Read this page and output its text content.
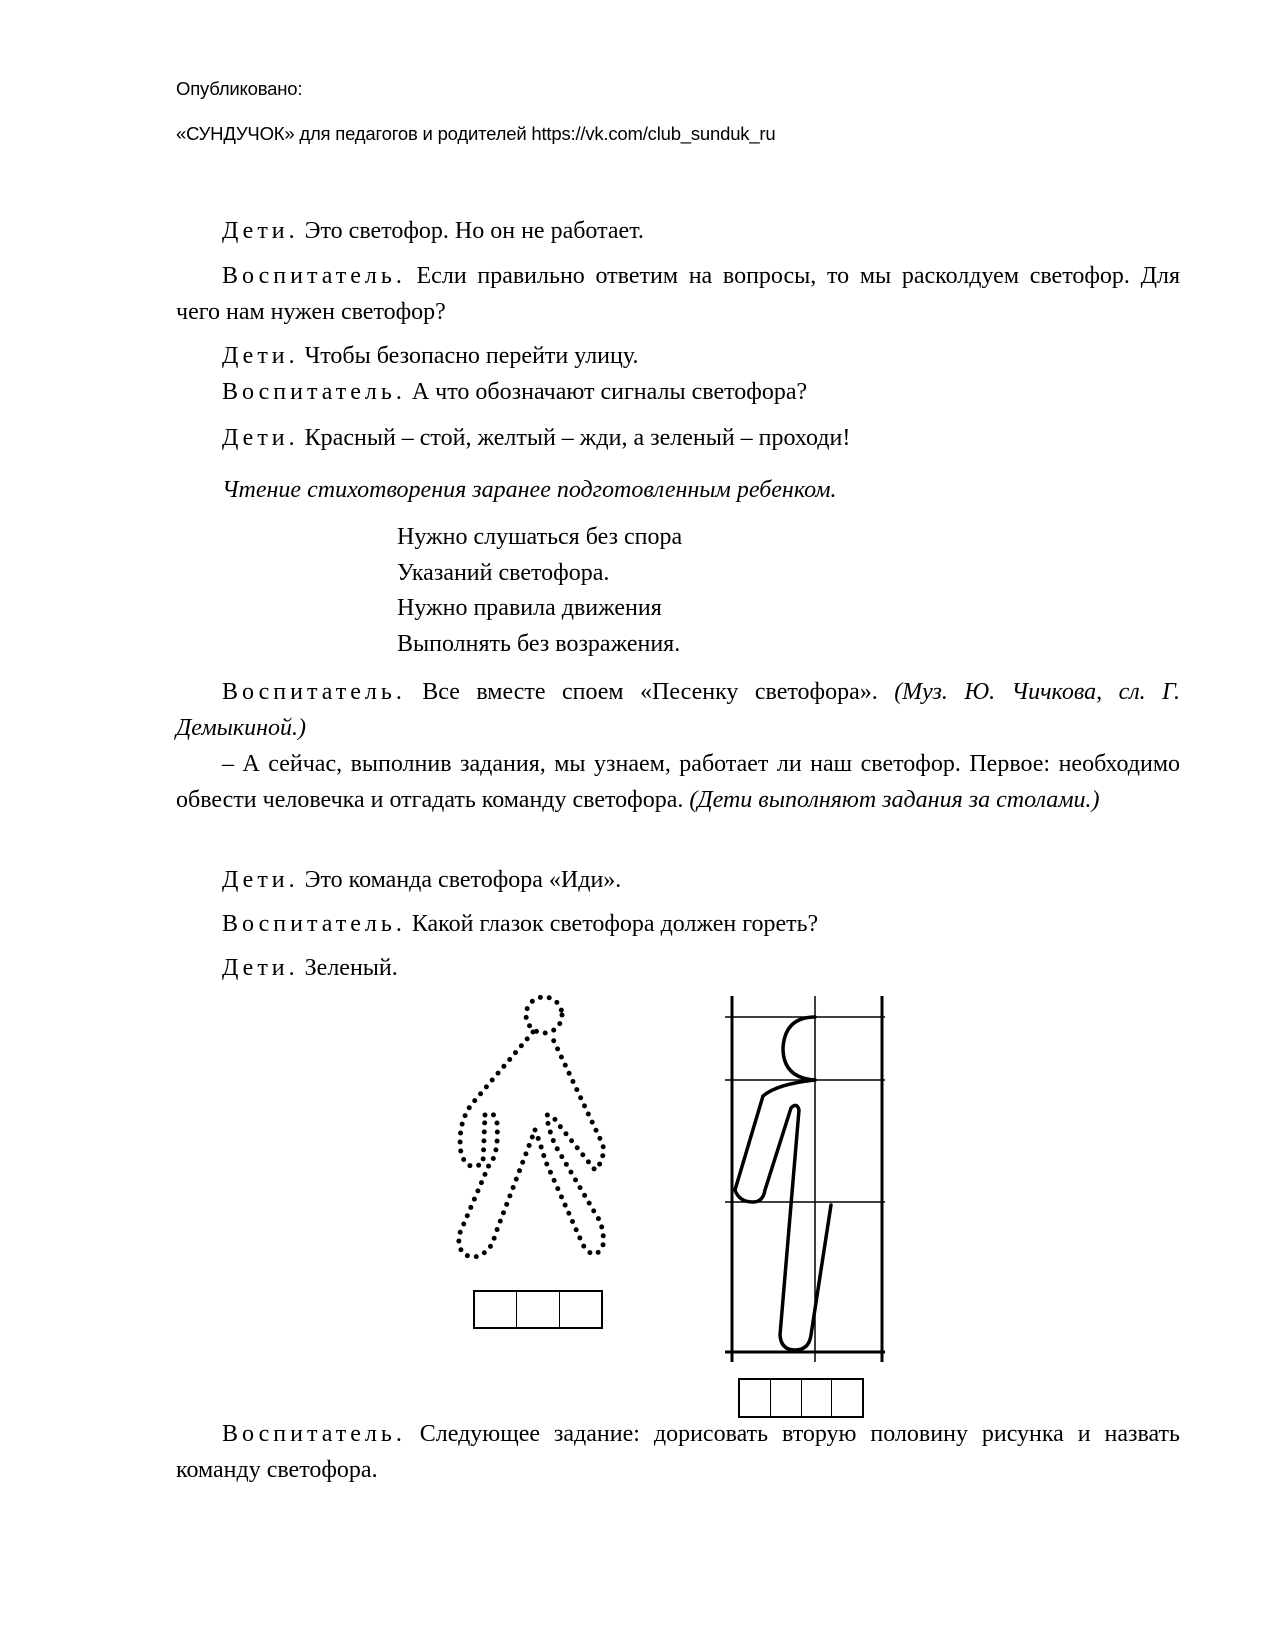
Опубликовано:
«СУНДУЧОК» для педагогов и родителей https://vk.com/club_sunduk_ru
Дети. Это светофор. Но он не работает.
Воспитатель. Если правильно ответим на вопросы, то мы расколдуем светофор. Для чего нам нужен светофор?
Дети. Чтобы безопасно перейти улицу.
Воспитатель. А что обозначают сигналы светофора?
Дети. Красный – стой, желтый – жди, а зеленый – проходи!
Чтение стихотворения заранее подготовленным ребенком.
Нужно слушаться без спора
Указаний светофора.
Нужно правила движения
Выполнять без возражения.
Воспитатель. Все вместе споем «Песенку светофора». (Муз. Ю. Чичкова, сл. Г. Демыкиной.)
– А сейчас, выполнив задания, мы узнаем, работает ли наш светофор. Первое: необходимо обвести человечка и отгадать команду светофора. (Дети выполняют задания за столами.)
Дети. Это команда светофора «Иди».
Воспитатель. Какой глазок светофора должен гореть?
Дети. Зеленый.
Воспитатель. Следующее задание: дорисовать вторую половину рисунка и назвать команду светофора.
